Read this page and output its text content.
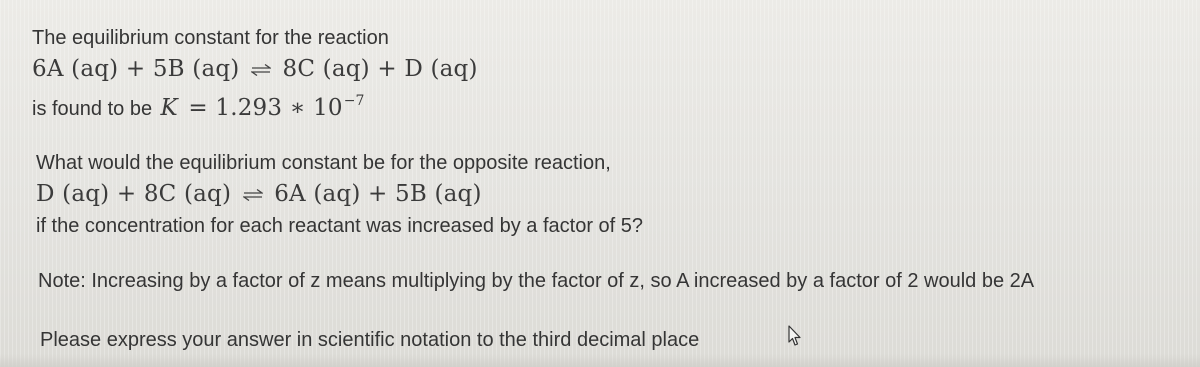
The equilibrium constant for the reaction
6A (aq) + 5B (aq) 8C (aq) + D (aq)
is found to be K = 1.293 ∗ $10^{-7}$
What would the equilibrium constant be for the opposite reaction,
D (aq) + 8C (aq) 6A (aq) + 5B (aq)
if the concentration for each reactant was increased by a factor of 5?
Note: Increasing by a factor of z means multiplying by the factor of z, so A increased by a factor of 2 would be 2A
Please express your answer in scientific notation to the third decimal place
